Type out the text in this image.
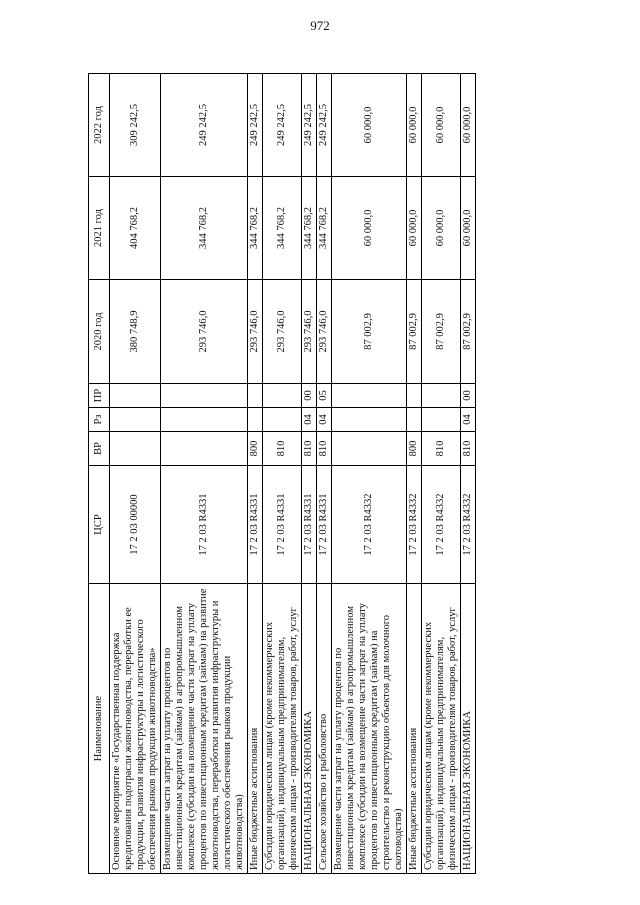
972
Наименование	ЦСР	ВР	Рз	ПР	2020 год	2021 год	2022 год
Основное мероприятие «Государственная поддержка кредитования подотрасли животноводства, переработки ее продукции, развития инфраструктуры и логистического обеспечения рынков продукции животноводства»	17 2 03 00000				380 748,9	404 768,2	309 242,5
Возмещение части затрат на уплату процентов по инвестиционным кредитам (займам) в агропромышленном комплексе (субсидии на возмещение части затрат на уплату процентов по инвестиционным кредитам (займам) на развитие животноводства, переработки и развития инфраструктуры и логистического обеспечения рынков продукции животноводства)	17 2 03 R4331				293 746,0	344 768,2	249 242,5
Иные бюджетные ассигнования	17 2 03 R4331	800			293 746,0	344 768,2	249 242,5
Субсидии юридическим лицам (кроме некоммерческих организаций), индивидуальным предпринимателям, физическим лицам - производителям товаров, работ, услуг	17 2 03 R4331	810			293 746,0	344 768,2	249 242,5
НАЦИОНАЛЬНАЯ ЭКОНОМИКА	17 2 03 R4331	810	04	00	293 746,0	344 768,2	249 242,5
Сельское хозяйство и рыболовство	17 2 03 R4331	810	04	05	293 746,0	344 768,2	249 242,5
Возмещение части затрат на уплату процентов по инвестиционным кредитам (займам) в агропромышленном комплексе (субсидии на возмещение части затрат на уплату процентов по инвестиционным кредитам (займам) на строительство и реконструкцию объектов для молочного скотоводства)	17 2 03 R4332				87 002,9	60 000,0	60 000,0
Иные бюджетные ассигнования	17 2 03 R4332	800			87 002,9	60 000,0	60 000,0
Субсидии юридическим лицам (кроме некоммерческих организаций), индивидуальным предпринимателям, физическим лицам - производителям товаров, работ, услуг	17 2 03 R4332	810			87 002,9	60 000,0	60 000,0
НАЦИОНАЛЬНАЯ ЭКОНОМИКА	17 2 03 R4332	810	04	00	87 002,9	60 000,0	60 000,0
